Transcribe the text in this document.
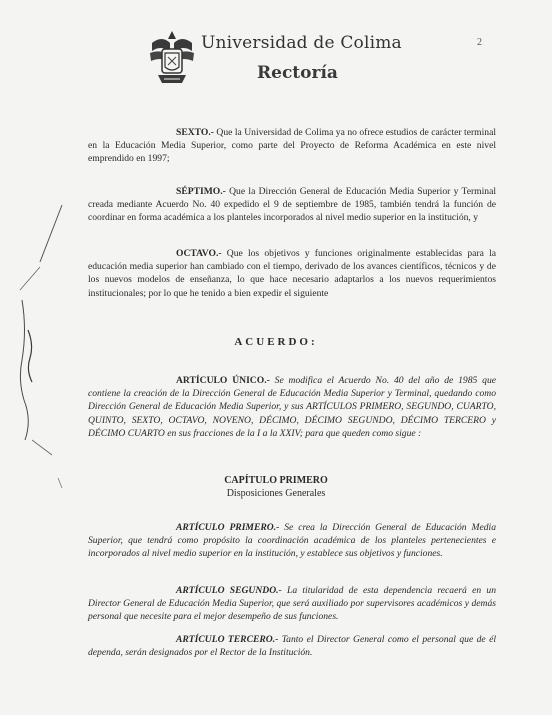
Universidad de Colima
Rectoría
2

SEXTO.- Que la Universidad de Colima ya no ofrece estudios de carácter terminal en la Educación Media Superior, como parte del Proyecto de Reforma Académica en este nivel emprendido en 1997;

SÉPTIMO.- Que la Dirección General de Educación Media Superior y Terminal creada mediante Acuerdo No. 40 expedido el 9 de septiembre de 1985, también tendrá la función de coordinar en forma académica a los planteles incorporados al nivel medio superior en la institución, y

OCTAVO.- Que los objetivos y funciones originalmente establecidas para la educación media superior han cambiado con el tiempo, derivado de los avances científicos, técnicos y de los nuevos modelos de enseñanza, lo que hace necesario adaptarlos a los nuevos requerimientos institucionales; por lo que he tenido a bien expedir el siguiente

ACUERDO:

ARTÍCULO ÚNICO.- Se modifica el Acuerdo No. 40 del año de 1985 que contiene la creación de la Dirección General de Educación Media Superior y Terminal, quedando como Dirección General de Educación Media Superior, y sus ARTÍCULOS PRIMERO, SEGUNDO, CUARTO, QUINTO, SEXTO, OCTAVO, NOVENO, DÉCIMO, DÉCIMO SEGUNDO, DÉCIMO TERCERO y DÉCIMO CUARTO en sus fracciones de la I a la XXIV; para que queden como sigue :

CAPÍTULO PRIMERO
Disposiciones Generales

ARTÍCULO PRIMERO.- Se crea la Dirección General de Educación Media Superior, que tendrá como propósito la coordinación académica de los planteles pertenecientes e incorporados al nivel medio superior en la institución, y establece sus objetivos y funciones.

ARTÍCULO SEGUNDO.- La titularidad de esta dependencia recaerá en un Director General de Educación Media Superior, que será auxiliado por supervisores académicos y demás personal que necesite para el mejor desempeño de sus funciones.

ARTÍCULO TERCERO.- Tanto el Director General como el personal que de él dependa, serán designados por el Rector de la Institución.
